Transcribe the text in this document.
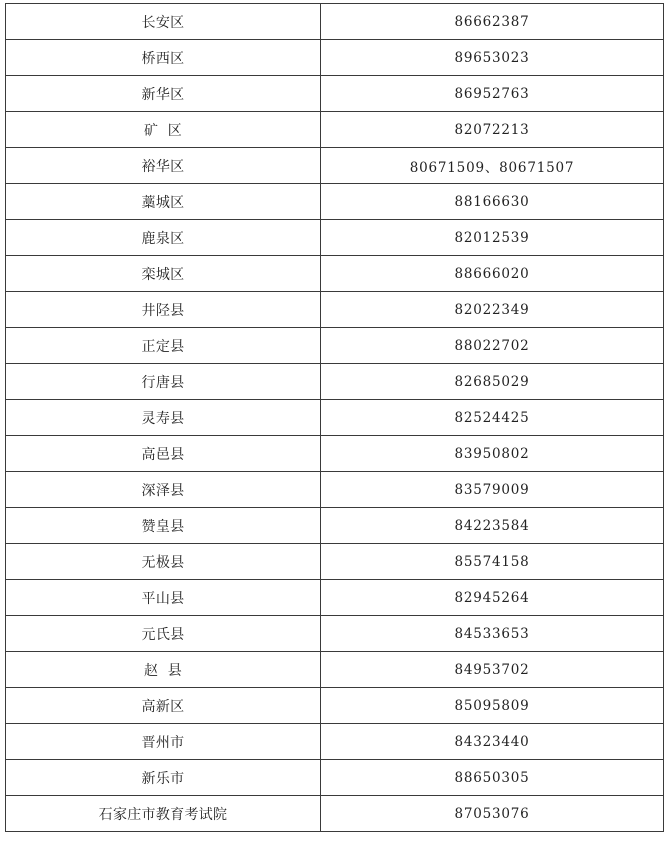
长安区	86662387
桥西区	89653023
新华区	86952763
矿  区	82072213
裕华区	80671509、80671507
藁城区	88166630
鹿泉区	82012539
栾城区	88666020
井陉县	82022349
正定县	88022702
行唐县	82685029
灵寿县	82524425
高邑县	83950802
深泽县	83579009
赞皇县	84223584
无极县	85574158
平山县	82945264
元氏县	84533653
赵  县	84953702
高新区	85095809
晋州市	84323440
新乐市	88650305
石家庄市教育考试院	87053076
